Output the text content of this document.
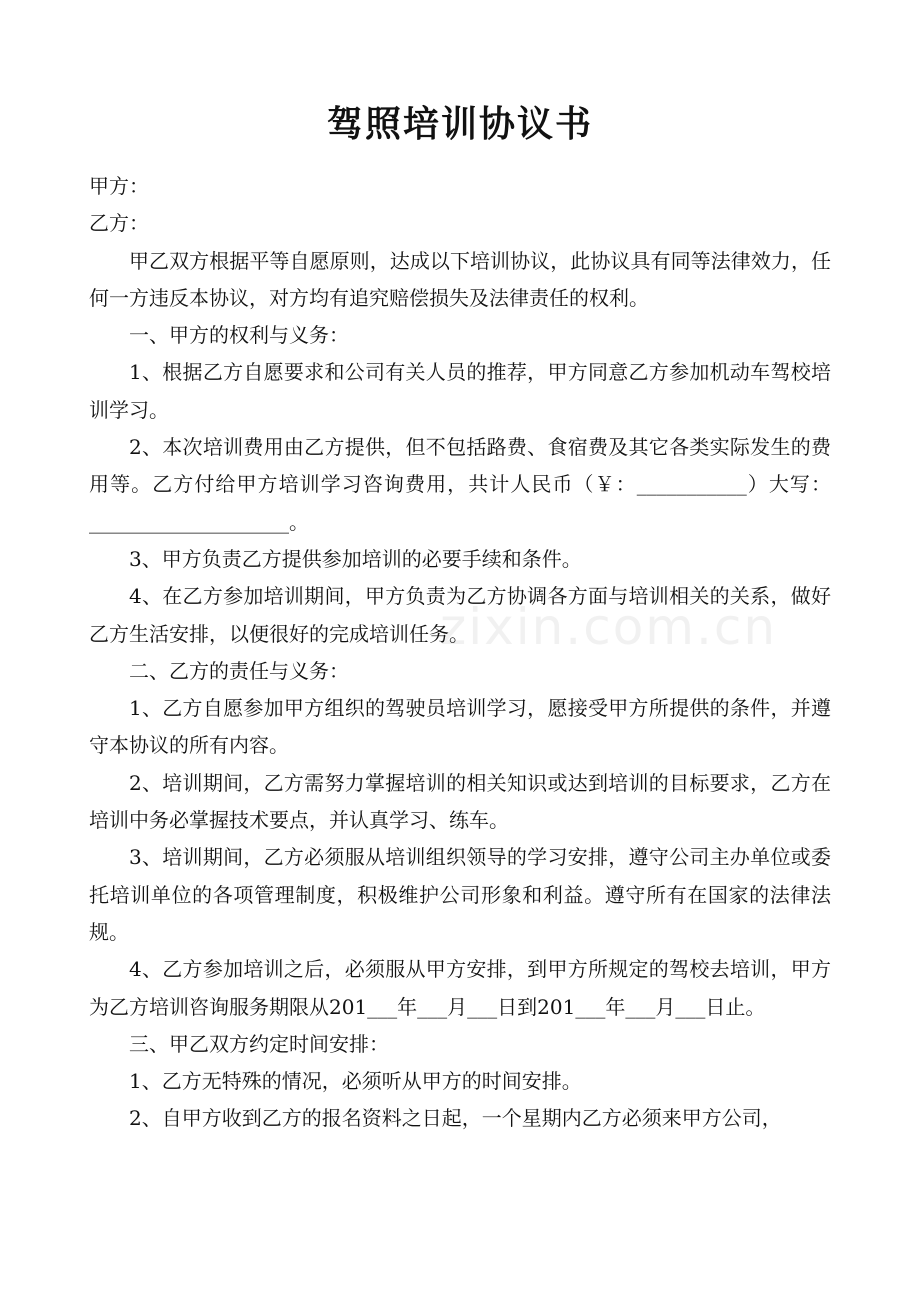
zixin.com.cn
驾照培训协议书

甲方：

乙方：

甲乙双方根据平等自愿原则，达成以下培训协议，此协议具有同等法律效力，任何一方违反本协议，对方均有追究赔偿损失及法律责任的权利。

一、甲方的权利与义务：

1、根据乙方自愿要求和公司有关人员的推荐，甲方同意乙方参加机动车驾校培训学习。

2、本次培训费用由乙方提供，但不包括路费、食宿费及其它各类实际发生的费用等。乙方付给甲方培训学习咨询费用，共计人民币（￥：___________）大写：____________________。

3、甲方负责乙方提供参加培训的必要手续和条件。

4、在乙方参加培训期间，甲方负责为乙方协调各方面与培训相关的关系，做好乙方生活安排，以便很好的完成培训任务。

二、乙方的责任与义务：

1、乙方自愿参加甲方组织的驾驶员培训学习，愿接受甲方所提供的条件，并遵守本协议的所有内容。

2、培训期间，乙方需努力掌握培训的相关知识或达到培训的目标要求，乙方在培训中务必掌握技术要点，并认真学习、练车。

3、培训期间，乙方必须服从培训组织领导的学习安排，遵守公司主办单位或委托培训单位的各项管理制度，积极维护公司形象和利益。遵守所有在国家的法律法规。

4、乙方参加培训之后，必须服从甲方安排，到甲方所规定的驾校去培训，甲方为乙方培训咨询服务期限从201___年___月___日到201___年___月___日止。

三、甲乙双方约定时间安排：

1、乙方无特殊的情况，必须听从甲方的时间安排。

2、自甲方收到乙方的报名资料之日起，一个星期内乙方必须来甲方公司，
